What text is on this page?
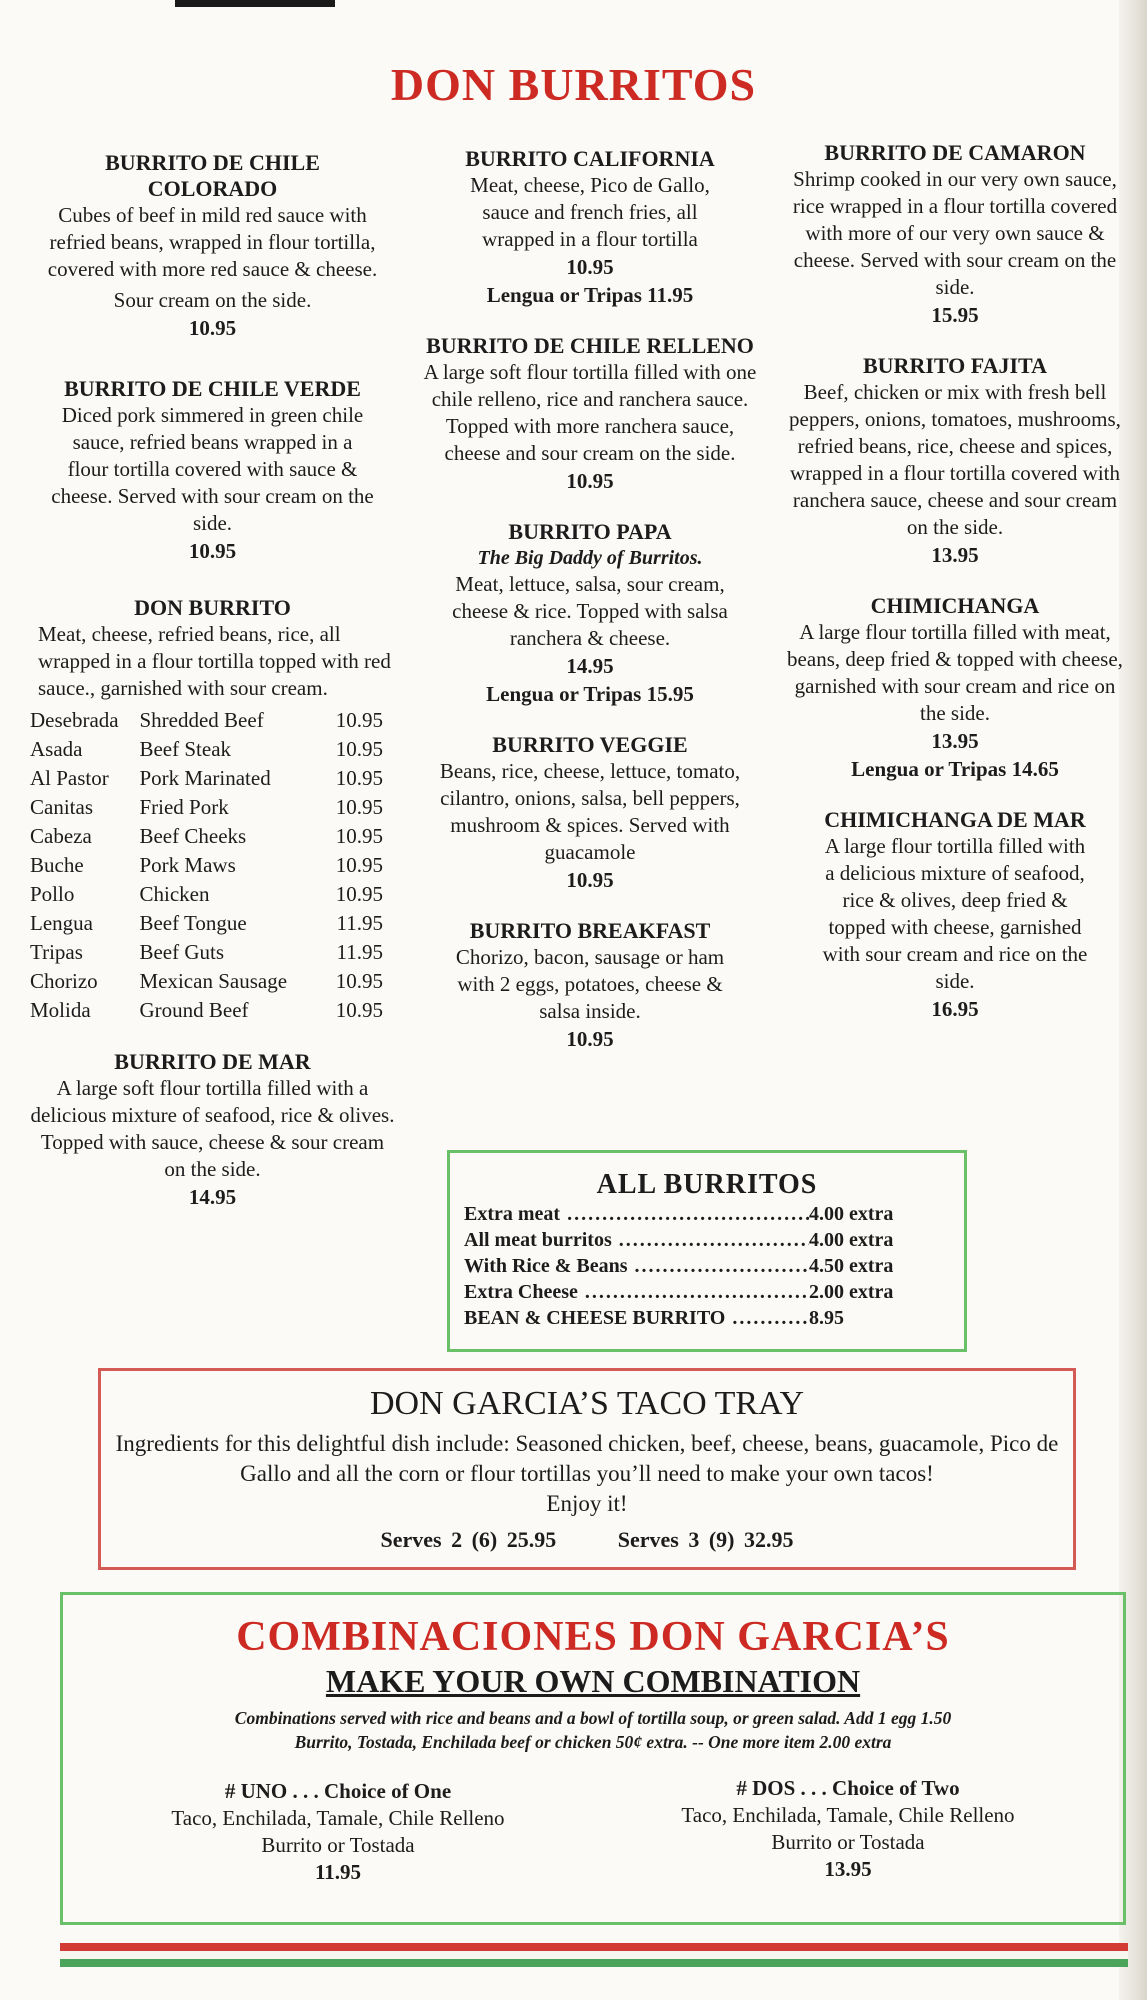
DON BURRITOS
BURRITO DE CHILE COLORADO
Cubes of beef in mild red sauce with refried beans, wrapped in flour tortilla, covered with more red sauce & cheese.
Sour cream on the side.
10.95
BURRITO DE CHILE VERDE
Diced pork simmered in green chile sauce, refried beans wrapped in a flour tortilla covered with sauce & cheese. Served with sour cream on the side.
10.95
DON BURRITO
Meat, cheese, refried beans, rice, all wrapped in a flour tortilla topped with red sauce., garnished with sour cream.
Desebrada	Shredded Beef	10.95
Asada	Beef Steak	10.95
Al Pastor	Pork Marinated	10.95
Canitas	Fried Pork	10.95
Cabeza	Beef Cheeks	10.95
Buche	Pork Maws	10.95
Pollo	Chicken	10.95
Lengua	Beef Tongue	11.95
Tripas	Beef Guts	11.95
Chorizo	Mexican Sausage	10.95
Molida	Ground Beef	10.95
BURRITO DE MAR
A large soft flour tortilla filled with a delicious mixture of seafood, rice & olives. Topped with sauce, cheese & sour cream on the side.
14.95
BURRITO CALIFORNIA
Meat, cheese, Pico de Gallo, sauce and french fries, all wrapped in a flour tortilla
10.95
Lengua or Tripas 11.95
BURRITO DE CHILE RELLENO
A large soft flour tortilla filled with one chile relleno, rice and ranchera sauce. Topped with more ranchera sauce, cheese and sour cream on the side.
10.95
BURRITO PAPA
The Big Daddy of Burritos.
Meat, lettuce, salsa, sour cream, cheese & rice. Topped with salsa ranchera & cheese.
14.95
Lengua or Tripas 15.95
BURRITO VEGGIE
Beans, rice, cheese, lettuce, tomato, cilantro, onions, salsa, bell peppers, mushroom & spices. Served with guacamole
10.95
BURRITO BREAKFAST
Chorizo, bacon, sausage or ham with 2 eggs, potatoes, cheese & salsa inside.
10.95
BURRITO DE CAMARON
Shrimp cooked in our very own sauce, rice wrapped in a flour tortilla covered with more of our very own sauce & cheese. Served with sour cream on the side.
15.95
BURRITO FAJITA
Beef, chicken or mix with fresh bell peppers, onions, tomatoes, mushrooms, refried beans, rice, cheese and spices, wrapped in a flour tortilla covered with ranchera sauce, cheese and sour cream on the side.
13.95
CHIMICHANGA
A large flour tortilla filled with meat, beans, deep fried & topped with cheese, garnished with sour cream and rice on the side.
13.95
Lengua or Tripas 14.65
CHIMICHANGA DE MAR
A large flour tortilla filled with a delicious mixture of seafood, rice & olives, deep fried & topped with cheese, garnished with sour cream and rice on the side.
16.95
ALL BURRITOS
Extra meat .....	4.00 extra
All meat burritos .....	4.00 extra
With Rice & Beans .....	4.50 extra
Extra Cheese .....	2.00 extra
BEAN & CHEESE BURRITO .....	8.95
DON GARCIA’S TACO TRAY
Ingredients for this delightful dish include: Seasoned chicken, beef, cheese, beans, guacamole, Pico de Gallo and all the corn or flour tortillas you’ll need to make your own tacos!
Enjoy it!
Serves 2 (6) 25.95	Serves 3 (9) 32.95
COMBINACIONES DON GARCIA’S
MAKE YOUR OWN COMBINATION
Combinations served with rice and beans and a bowl of tortilla soup, or green salad. Add 1 egg 1.50
Burrito, Tostada, Enchilada beef or chicken 50¢ extra. -- One more item 2.00 extra
# UNO . . . Choice of One
Taco, Enchilada, Tamale, Chile Relleno
Burrito or Tostada
11.95
# DOS . . . Choice of Two
Taco, Enchilada, Tamale, Chile Relleno
Burrito or Tostada
13.95
